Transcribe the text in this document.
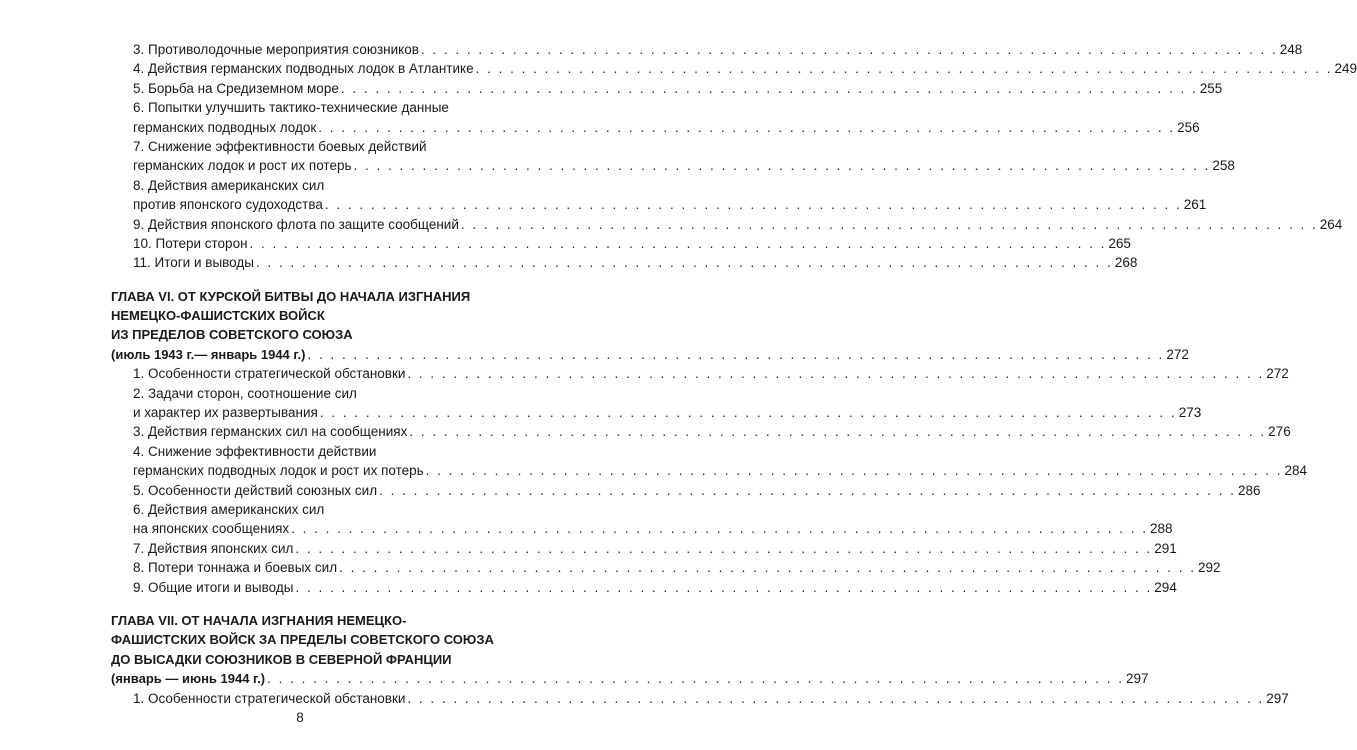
3. Противолодочные мероприятия союзников . . .	248
4. Действия германских подводных лодок в Атлантике . . .	249
5. Борьба на Средиземном море . . .	255
6. Попытки улучшить тактико-технические данные
германских подводных лодок . . .	256
7. Снижение эффективности боевых действий
германских лодок и рост их потерь . . .	258
8. Действия американских сил
против японского судоходства . . .	261
9. Действия японского флота по защите сообщений . . .	264
10. Потери сторон . . .	265
11. Итоги и выводы . . .	268
ГЛАВА VI. ОТ КУРСКОЙ БИТВЫ ДО НАЧАЛА ИЗГНАНИЯ
НЕМЕЦКО-ФАШИСТСКИХ ВОЙСК
ИЗ ПРЕДЕЛОВ СОВЕТСКОГО СОЮЗА
(июль 1943 г.— январь 1944 г.) . . .	272
1. Особенности стратегической обстановки . . .	272
2. Задачи сторон, соотношение сил
и характер их развертывания . . .	273
3. Действия германских сил на сообщениях . . .	276
4. Снижение эффективности действии
германских подводных лодок и рост их потерь . . .	284
5. Особенности действий союзных сил . . .	286
6. Действия американских сил
на японских сообщениях . . .	288
7. Действия японских сил . . .	291
8. Потери тоннажа и боевых сил . . .	292
9. Общие итоги и выводы . . .	294
ГЛАВА VII. ОТ НАЧАЛА ИЗГНАНИЯ НЕМЕЦКО-
ФАШИСТСКИХ ВОЙСК ЗА ПРЕДЕЛЫ СОВЕТСКОГО СОЮЗА
ДО ВЫСАДКИ СОЮЗНИКОВ В СЕВЕРНОЙ ФРАНЦИИ
(январь — июнь 1944 г.) . . .	297
1. Особенности стратегической обстановки . . .	297
8
